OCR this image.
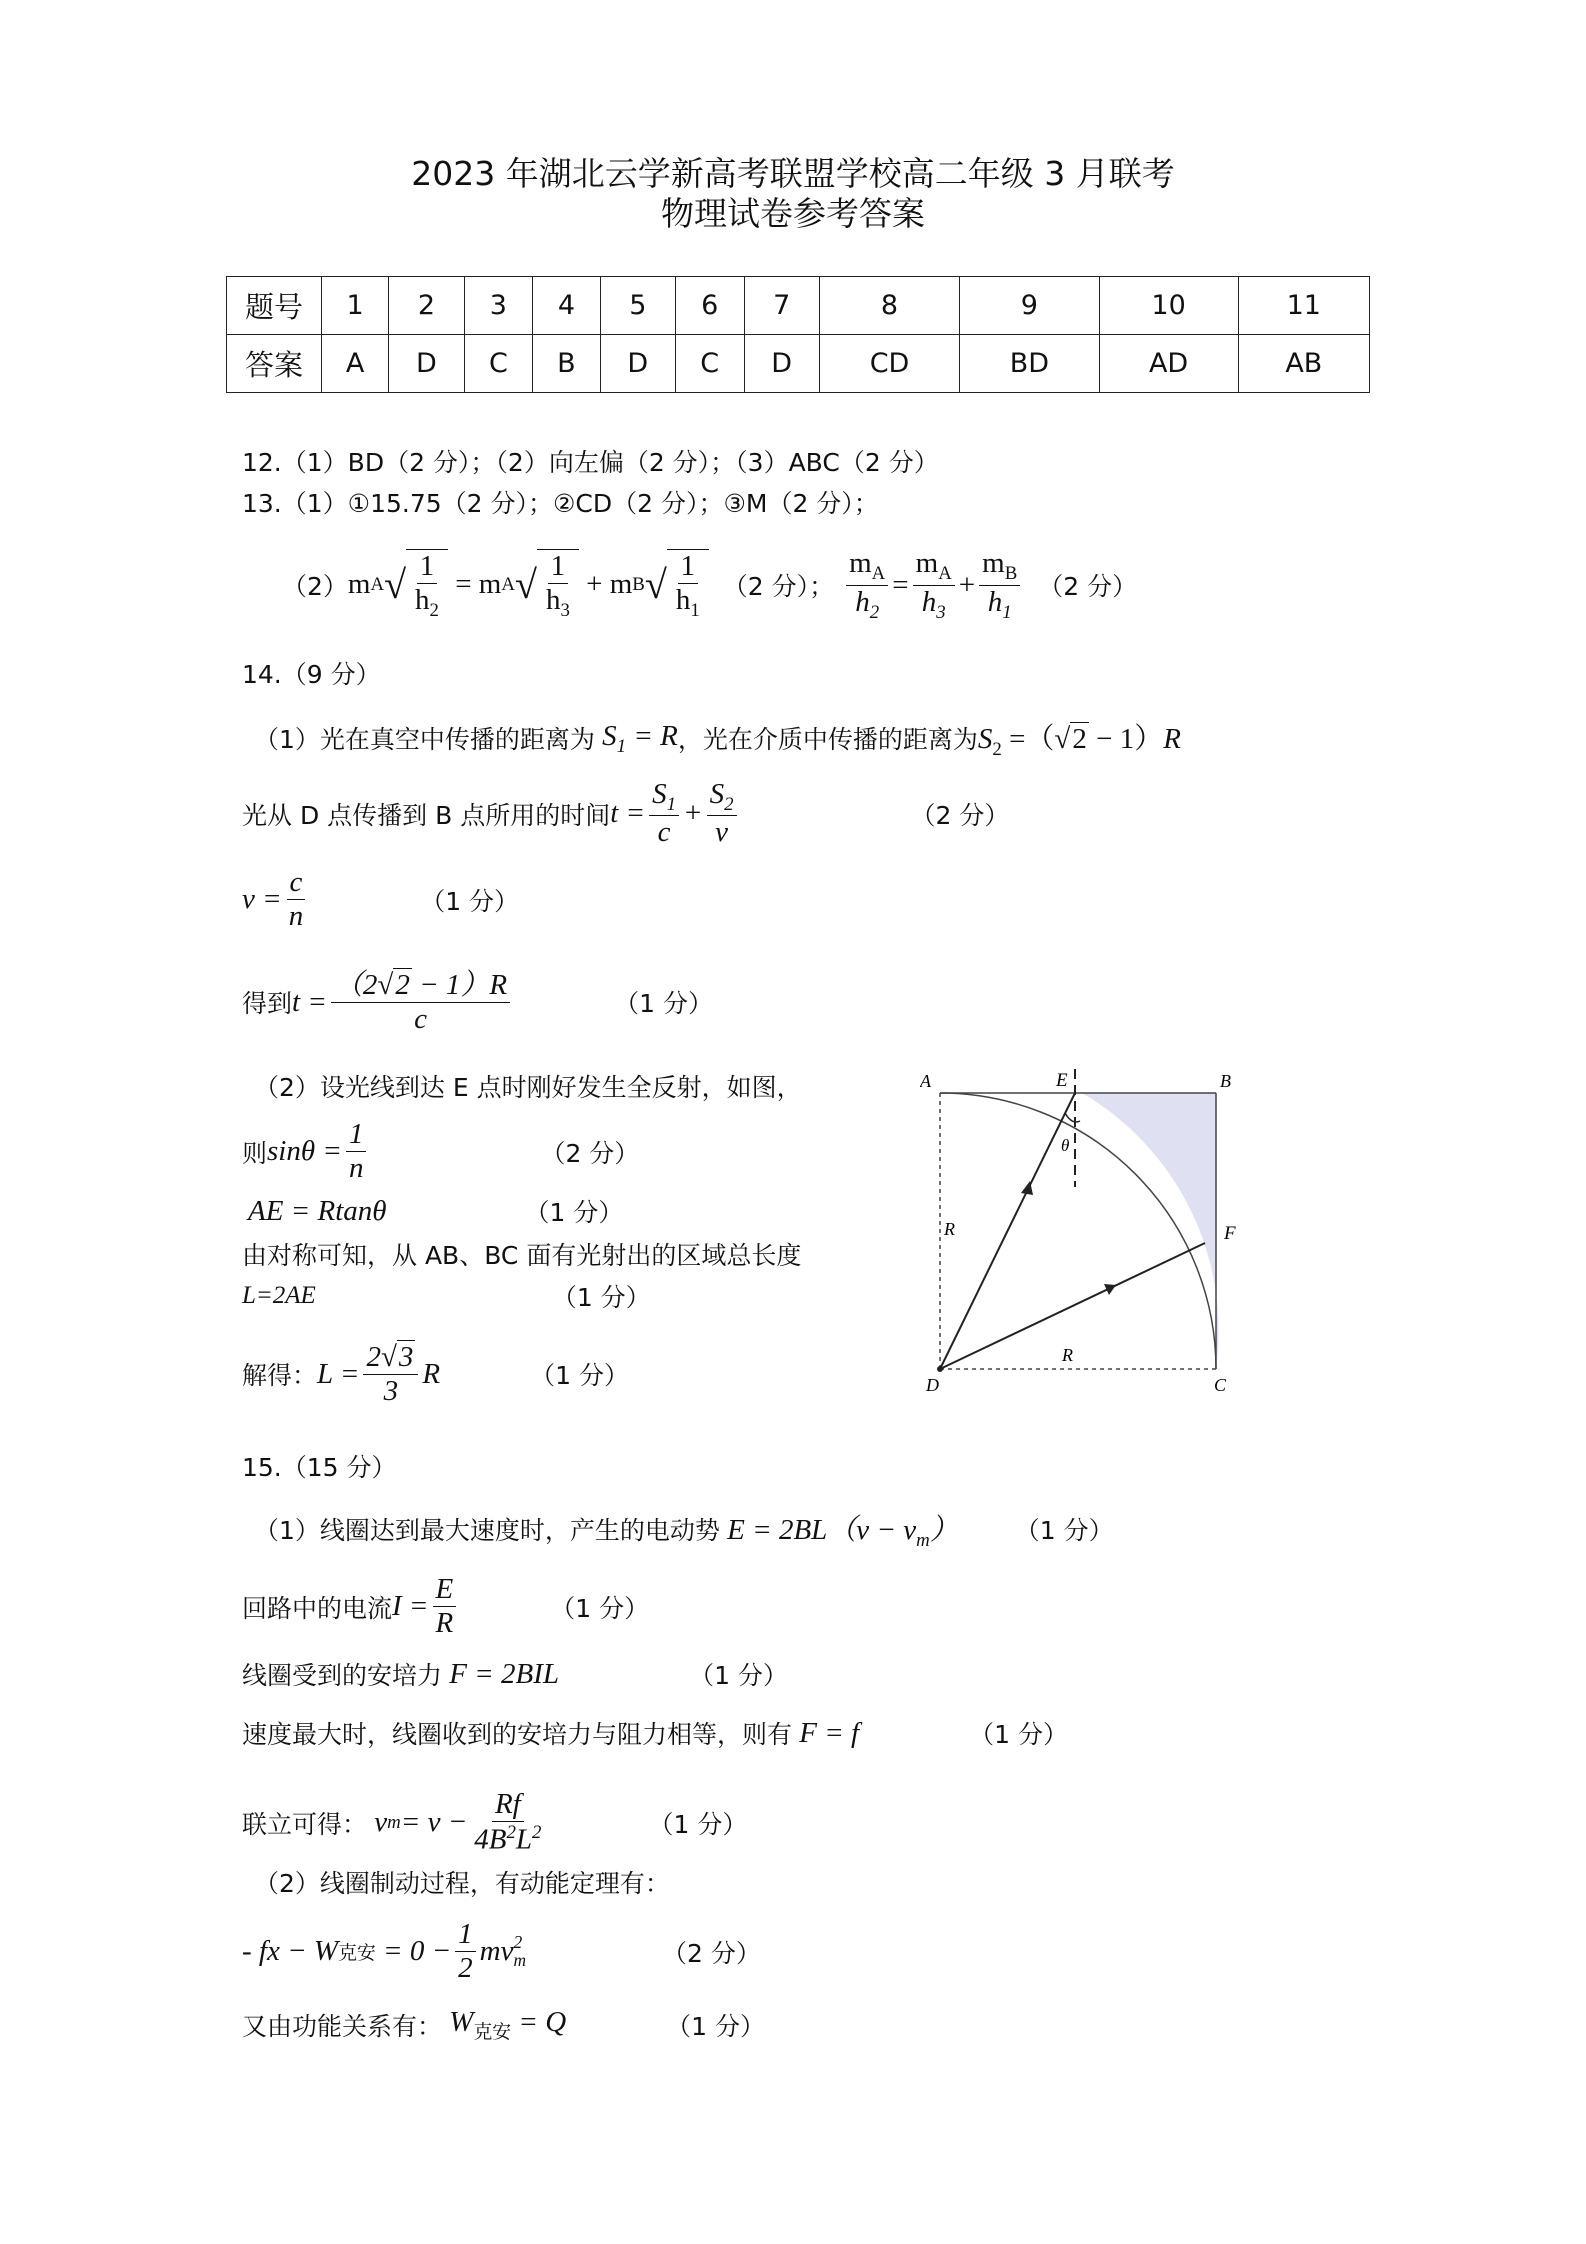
2023 年湖北云学新高考联盟学校高二年级 3 月联考
物理试卷参考答案
题号	1	2	3	4	5	6	7	8	9	10	11
答案	A	D	C	B	D	C	D	CD	BD	AD	AB
12.（1）BD（2 分）；（2）向左偏（2 分）；（3）ABC（2 分）
13.（1）①15.75（2 分）；②CD（2 分）；③M（2 分）；
（2） m A √ $\frac{1}{h_2} = m$ A √ $\frac{1}{h_3} + m$ B √ $\frac{1}{h_1} (2$ 分）； $\frac{m_A}{h_2} = \frac{m_A}{h_3} + \frac{m_B}{h_1} (2$ 分）
14.（9 分）
（1）光在真空中传播的距离为 $S_1 = R$ ，光在介质中传播的距离为 $S_2 =(√2 - 1)R$
光从 D 点传播到 B 点所用的时间 $t = \frac{S_1}{c} + \frac{S_2}{v}$	（2 分）
$v = \frac{c}{n}$	（1 分）
得到 $t = \frac{(2√2 - 1)R}{c}$	（1 分）
（2）设光线到达 E 点时刚好发生全反射，如图，
则 $\sin\theta = \frac{1}{n}$	（2 分）
AE = Rtanθ	（1 分）
由对称可知，从 AB、BC 面有光射出的区域总长度
L=2AE	（1 分）
解得： $L = \frac{2√3}{3}$ R	（1 分）
A	E	B
F
D	C
R
R
θ
15.（15 分）
（1）线圈达到最大速度时，产生的电动势 $E = 2BL(v - v_m)$ （1 分）
回路中的电流 $I = \frac{E}{R}$	（1 分）
线圈受到的安培力 F = 2BIL	（1 分）
速度最大时，线圈收到的安培力与阻力相等，则有 F = f	（1 分）
联立可得： v $m = v - \frac{Rf}{4B^2L^2}$	（1 分）
（2）线圈制动过程，有动能定理有：
- fx − W 克安 = $0 - \frac{1}{2}$ mv 2
m	（2 分）
又由功能关系有： $W_{克安} = Q$	（1 分）
